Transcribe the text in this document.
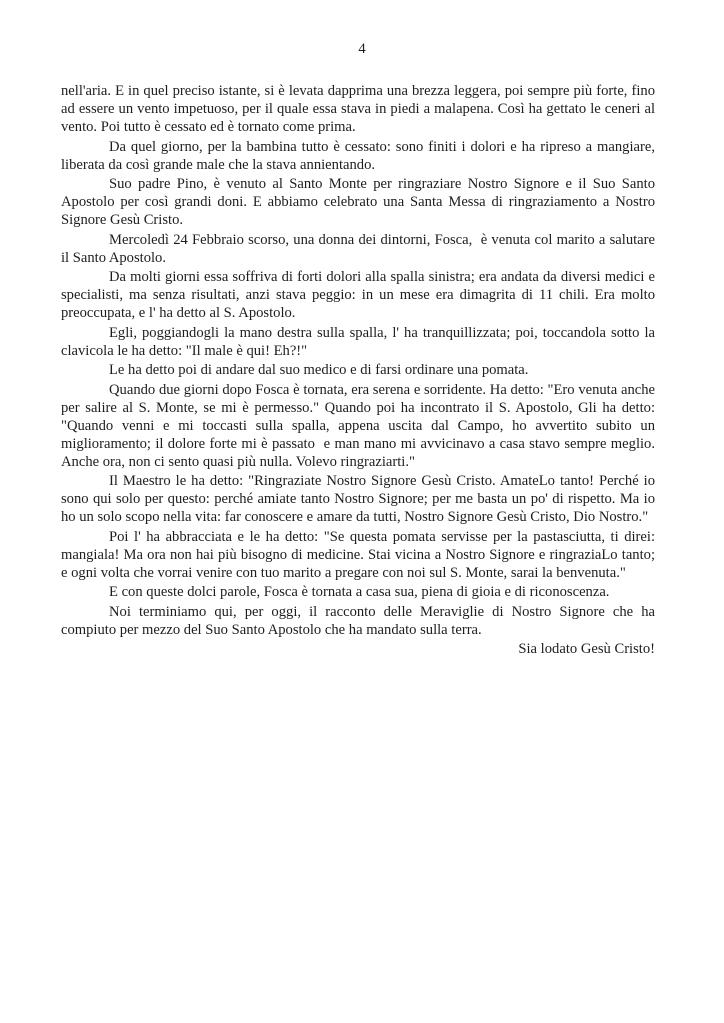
4

nell'aria. E in quel preciso istante, si è levata dapprima una brezza leggera, poi sempre più forte, fino ad essere un vento impetuoso, per il quale essa stava in piedi a malapena. Così ha gettato le ceneri al vento. Poi tutto è cessato ed è tornato come prima.

Da quel giorno, per la bambina tutto è cessato: sono finiti i dolori e ha ripreso a mangiare, liberata da così grande male che la stava annientando.

Suo padre Pino, è venuto al Santo Monte per ringraziare Nostro Signore e il Suo Santo Apostolo per così grandi doni. E abbiamo celebrato una Santa Messa di ringraziamento a Nostro Signore Gesù Cristo.

Mercoledì 24 Febbraio scorso, una donna dei dintorni, Fosca,  è venuta col marito a salutare il Santo Apostolo.

Da molti giorni essa soffriva di forti dolori alla spalla sinistra; era andata da diversi medici e specialisti, ma senza risultati, anzi stava peggio: in un mese era dimagrita di 11 chili. Era molto preoccupata, e l' ha detto al S. Apostolo.

Egli, poggiandogli la mano destra sulla spalla, l' ha tranquillizzata; poi, toccandola sotto la clavicola le ha detto: "Il male è qui! Eh?!"

Le ha detto poi di andare dal suo medico e di farsi ordinare una pomata.

Quando due giorni dopo Fosca è tornata, era serena e sorridente. Ha detto: "Ero venuta anche per salire al S. Monte, se mi è permesso." Quando poi ha incontrato il S. Apostolo, Gli ha detto: "Quando venni e mi toccasti sulla spalla, appena uscita dal Campo, ho avvertito subito un miglioramento; il dolore forte mi è passato  e man mano mi avvicinavo a casa stavo sempre meglio. Anche ora, non ci sento quasi più nulla. Volevo ringraziarti."

Il Maestro le ha detto: "Ringraziate Nostro Signore Gesù Cristo. AmateLo tanto! Perché io sono qui solo per questo: perché amiate tanto Nostro Signore; per me basta un po' di rispetto. Ma io ho un solo scopo nella vita: far conoscere e amare da tutti, Nostro Signore Gesù Cristo, Dio Nostro."

Poi l' ha abbracciata e le ha detto: "Se questa pomata servisse per la pastasciutta, ti direi: mangiala! Ma ora non hai più bisogno di medicine. Stai vicina a Nostro Signore e ringraziaLo tanto; e ogni volta che vorrai venire con tuo marito a pregare con noi sul S. Monte, sarai la benvenuta."

E con queste dolci parole, Fosca è tornata a casa sua, piena di gioia e di riconoscenza.

Noi terminiamo qui, per oggi, il racconto delle Meraviglie di Nostro Signore che ha compiuto per mezzo del Suo Santo Apostolo che ha mandato sulla terra.

Sia lodato Gesù Cristo!
